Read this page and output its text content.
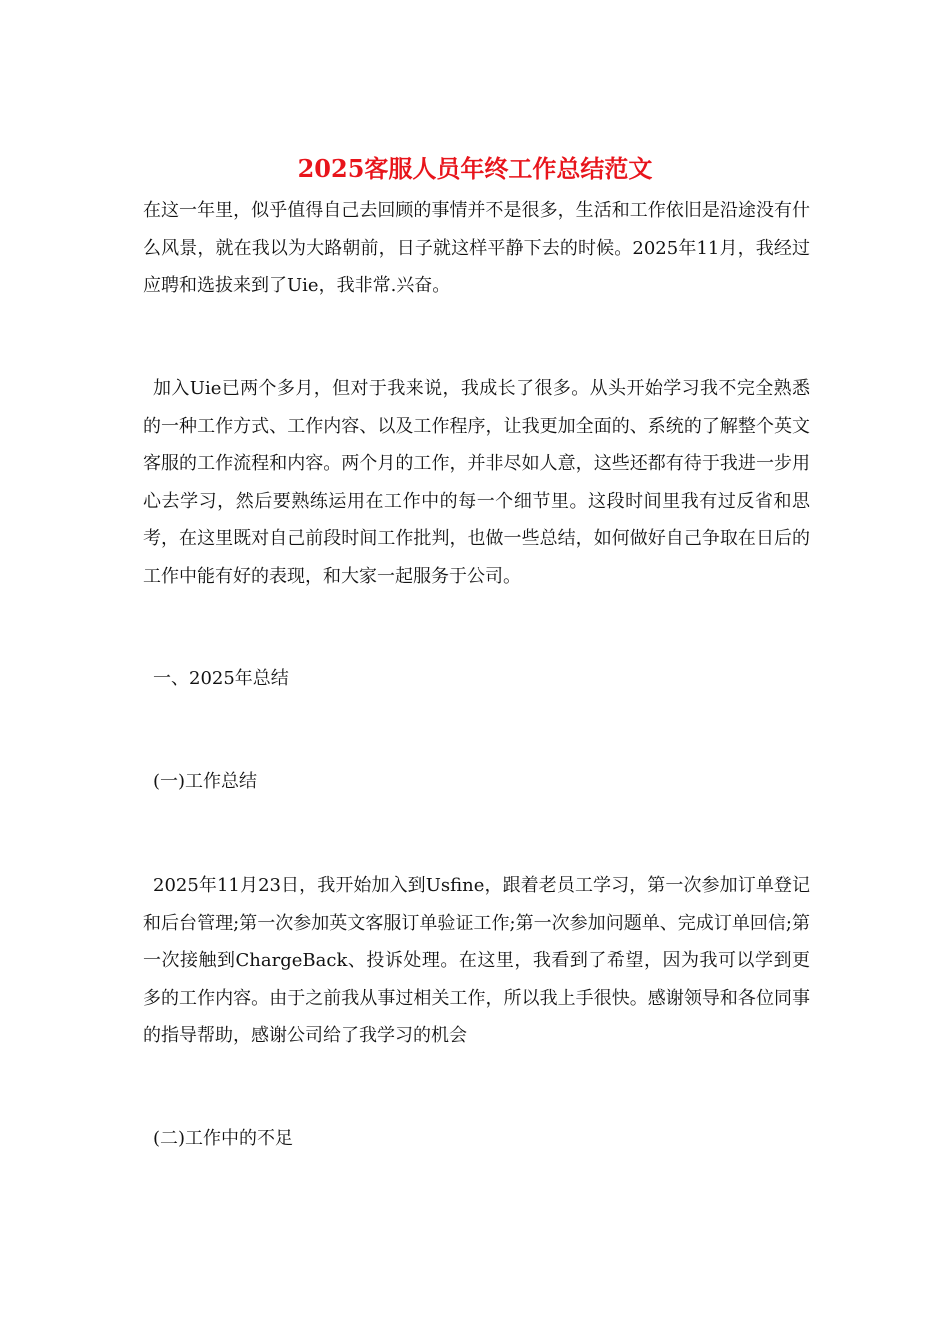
2025客服人员年终工作总结范文

在这一年里，似乎值得自己去回顾的事情并不是很多，生活和工作依旧是沿途没有什么风景，就在我以为大路朝前，日子就这样平静下去的时候。2025年11月，我经过应聘和选拔来到了Uie，我非常.兴奋。

加入Uie已两个多月，但对于我来说，我成长了很多。从头开始学习我不完全熟悉的一种工作方式、工作内容、以及工作程序，让我更加全面的、系统的了解整个英文客服的工作流程和内容。两个月的工作，并非尽如人意，这些还都有待于我进一步用心去学习，然后要熟练运用在工作中的每一个细节里。这段时间里我有过反省和思考，在这里既对自己前段时间工作批判，也做一些总结，如何做好自己争取在日后的工作中能有好的表现，和大家一起服务于公司。

一、2025年总结

(一)工作总结

2025年11月23日，我开始加入到Usfine，跟着老员工学习，第一次参加订单登记和后台管理;第一次参加英文客服订单验证工作;第一次参加问题单、完成订单回信;第一次接触到ChargeBack、投诉处理。在这里，我看到了希望，因为我可以学到更多的工作内容。由于之前我从事过相关工作，所以我上手很快。感谢领导和各位同事的指导帮助，感谢公司给了我学习的机会

(二)工作中的不足
